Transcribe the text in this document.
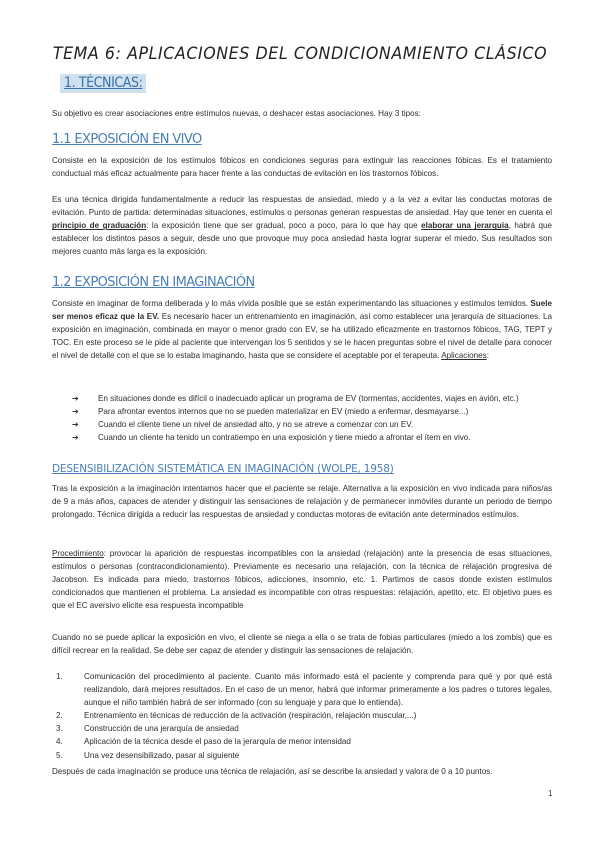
TEMA 6: APLICACIONES DEL CONDICIONAMIENTO CLÁSICO
1. TÉCNICAS:
Su objetivo es crear asociaciones entre estímulos nuevas, o deshacer estas asociaciones. Hay 3 tipos:
1.1 EXPOSICIÓN EN VIVO
Consiste en la exposición de los estímulos fóbicos en condiciones seguras para extinguir las reacciones fóbicas. Es el tratamiento conductual más eficaz actualmente para hacer frente a las conductas de evitación en los trastornos fóbicos.
Es una técnica dirigida fundamentalmente a reducir las respuestas de ansiedad, miedo y a la vez a evitar las conductas motoras de evitación. Punto de partida: determinadas situaciones, estímulos o personas generan respuestas de ansiedad. Hay que tener en cuenta el principio de graduación: la exposición tiene que ser gradual, poco a poco, para lo que hay que elaborar una jerarquía, habrá que establecer los distintos pasos a seguir, desde uno que provoque muy poca ansiedad hasta lograr superar el miedo. Sus resultados son mejores cuanto más larga es la exposición.
1.2 EXPOSICIÓN EN IMAGINACIÓN
Consiste en imaginar de forma deliberada y lo más vívida posible que se están experimentando las situaciones y estímulos temidos. Suele ser menos eficaz que la EV. Es necesario hacer un entrenamiento en imaginación, así como establecer una jerarquía de situaciones. La exposición en imaginación, combinada en mayor o menor grado con EV, se ha utilizado eficazmente en trastornos fóbicos, TAG, TEPT y TOC. En este proceso se le pide al paciente que intervengan los 5 sentidos y se le hacen preguntas sobre el nivel de detalle para conocer el nivel de detalle con el que se lo estaba imaginando, hasta que se considere el aceptable por el terapeuta. Aplicaciones:
➔ En situaciones donde es difícil o inadecuado aplicar un programa de EV (tormentas, accidentes, viajes en avión, etc.)
➔ Para afrontar eventos internos que no se pueden materializar en EV (miedo a enfermar, desmayarse...)
➔ Cuando el cliente tiene un nivel de ansiedad alto, y no se atreve a comenzar con un EV.
➔ Cuando un cliente ha tenido un contratiempo en una exposición y tiene miedo a afrontar el ítem en vivo.
DESENSIBILIZACIÓN SISTEMÁTICA EN IMAGINACIÓN (WOLPE, 1958)
Tras la exposición a la imaginación intentamos hacer que el paciente se relaje. Alternativa a la exposición en vivo indicada para niños/as de 9 a más años, capaces de atender y distinguir las sensaciones de relajación y de permanecer inmóviles durante un periodo de tiempo prolongado. Técnica dirigida a reducir las respuestas de ansiedad y conductas motoras de evitación ante determinados estímulos.
Procedimiento: provocar la aparición de respuestas incompatibles con la ansiedad (relajación) ante la presencia de esas situaciones, estímulos o personas (contracondicionamiento). Previamente es necesario una relajación, con la técnica de relajación progresiva de Jacobson. Es indicada para miedo, trastornos fóbicos, adicciones, insomnio, etc. 1. Partimos de casos donde existen estímulos condicionados que mantienen el problema. La ansiedad es incompatible con otras respuestas: relajación, apetito, etc. El objetivo pues es que el EC aversivo elicite esa respuesta incompatible
Cuando no se puede aplicar la exposición en vivo, el cliente se niega a ella o se trata de fobias particulares (miedo a los zombis) que es difícil recrear en la realidad. Se debe ser capaz de atender y distinguir las sensaciones de relajación.
1.	Comunicación del procedimiento al paciente. Cuanto más informado está el paciente y comprenda para qué y por qué está realizandolo, dará mejores resultados. En el caso de un menor, habrá que informar primeramente a los padres o tutores legales, aunque el niño también habrá de ser informado (con su lenguaje y para que lo entienda).
2.	Entrenamiento en técnicas de reducción de la activación (respiración, relajación muscular,...)
3.	Construcción de una jerarquía de ansiedad
4.	Aplicación de la técnica desde el paso de la jerarquía de menor intensidad
5.	Una vez desensibilizado, pasar al siguiente
Después de cada imaginación se produce una técnica de relajación, así se describe la ansiedad y valora de 0 a 10 puntos.
1
